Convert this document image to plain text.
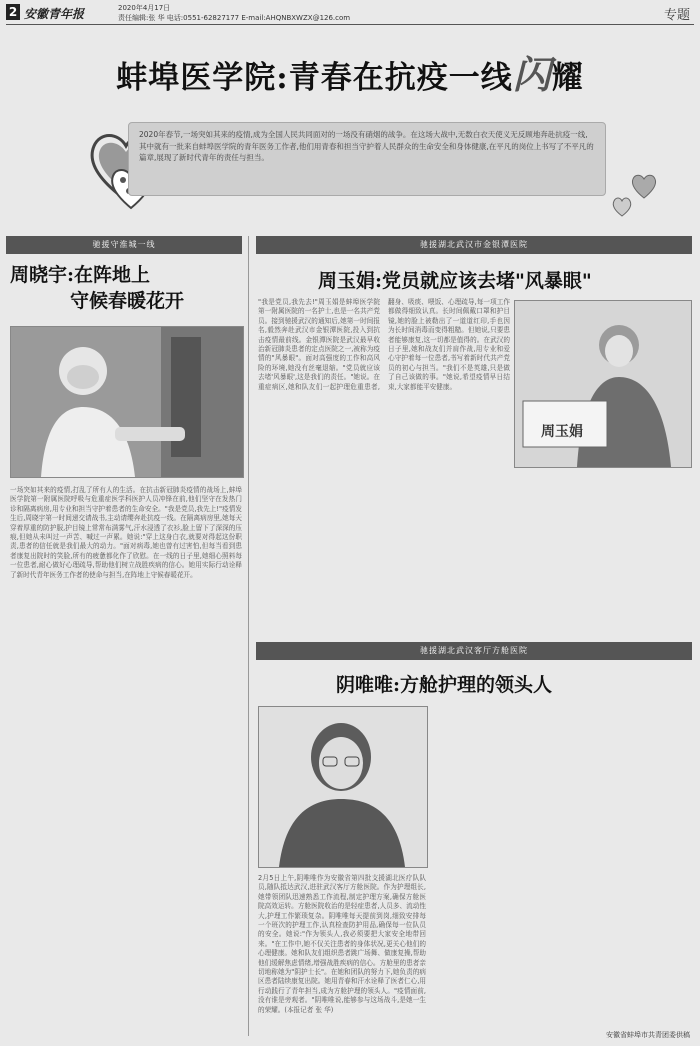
2 安徽青年报	2020年4月17日
责任编辑:张 华 电话:0551-62827177 E-mail:AHQNBXWZX@126.com	专题
蚌埠医学院:青春在抗疫一线闪耀
2020年春节,一场突如其来的疫情,成为全国人民共同面对的一场没有硝烟的战争。在这场大战中,无数白衣天使义无反顾地奔赴抗疫一线,其中就有一批来自蚌埠医学院的青年医务工作者,他们用青春和担当守护着人民群众的生命安全和身体健康,在平凡的岗位上书写了不平凡的篇章,展现了新时代青年的责任与担当。
驰援守淮城一线
周晓宇:在阵地上
守候春暖花开
一场突如其来的疫情,打乱了所有人的生活。在抗击新冠肺炎疫情的战场上,蚌埠医学院第一附属医院呼吸与危重症医学科医护人员冲锋在前,他们坚守在发热门诊和隔离病房,用专业和担当守护着患者的生命安全。"我是党员,我先上!"疫情发生后,周晓宇第一时间递交请战书,主动请缨奔赴抗疫一线。在隔离病房里,她每天穿着厚重的防护服,护目镜上常常布满雾气,汗水浸透了衣衫,脸上留下了深深的压痕,但她从未叫过一声苦、喊过一声累。她说:"穿上这身白衣,就要对得起这份职责,患者的信任就是我们最大的动力。"面对病毒,她也曾有过害怕,但每当看到患者康复出院时的笑脸,所有的疲惫都化作了欣慰。在一线的日子里,她细心照料每一位患者,耐心做好心理疏导,帮助他们树立战胜疾病的信心。她用实际行动诠释了新时代青年医务工作者的使命与担当,在阵地上守候春暖花开。
驰援湖北武汉市金银潭医院
周玉娟:党员就应该去堵"风暴眼"
"我是党员,我先去!"周玉娟是蚌埠医学院第一附属医院的一名护士,也是一名共产党员。接到驰援武汉的通知后,她第一时间报名,毅然奔赴武汉市金银潭医院,投入到抗击疫情最前线。金银潭医院是武汉最早收治新冠肺炎患者的定点医院之一,被称为疫情的"风暴眼"。面对高强度的工作和高风险的环境,她没有丝毫退缩。"党员就应该去堵'风暴眼',这是我们的责任。"她说。在重症病区,她和队友们一起护理危重患者,翻身、吸痰、喂饭、心理疏导,每一项工作都做得细致认真。长时间佩戴口罩和护目镜,她的脸上被勒出了一道道红印,手也因为长时间消毒而变得粗糙。但她说,只要患者能够康复,这一切都是值得的。在武汉的日子里,她和战友们并肩作战,用专业和爱心守护着每一位患者,书写着新时代共产党员的初心与担当。"我们不是英雄,只是做了自己该做的事。"她说,希望疫情早日结束,大家都能平安健康。
周玉娟
驰援湖北武汉客厅方舱医院
阴唯唯:方舱护理的领头人
2月5日上午,阴唯唯作为安徽省第四批支援湖北医疗队队员,随队抵达武汉,进驻武汉客厅方舱医院。作为护理组长,她带领团队迅速熟悉工作流程,制定护理方案,确保方舱医院高效运转。方舱医院收治的是轻症患者,人员多、流动性大,护理工作繁琐复杂。阴唯唯每天提前到岗,细致安排每一个班次的护理工作,认真检查防护用品,确保每一位队员的安全。她说:"作为领头人,我必须要把大家安全地带回来。"在工作中,她不仅关注患者的身体状况,更关心他们的心理健康。她和队友们组织患者跳广场舞、做康复操,帮助他们缓解焦虑情绪,增强战胜疾病的信心。方舱里的患者亲切地称她为"阴护士长"。在她和团队的努力下,她负责的病区患者陆续康复出院。她用青春和汗水诠释了医者仁心,用行动践行了青年担当,成为方舱护理的领头人。"疫情面前,没有谁是旁观者。"阴唯唯说,能够参与这场战斗,是她一生的荣耀。(本报记者 张 华)
安徽省蚌埠市共青团委供稿
